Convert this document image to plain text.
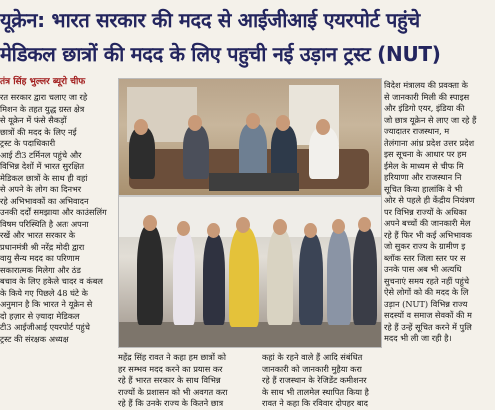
यूक्रेन: भारत सरकार की मदद से आईजीआई एयरपोर्ट पहुंचे
मेडिकल छात्रों की मदद के लिए पहुची नई उड़ान ट्रस्ट (NUT)
तंत्र सिंह भुल्लर ब्यूरो चीफ

रत सरकार द्वारा चलाए जा रहे

मिशन के तहत युद्ध ग्रस्त क्षेत्र

से यूक्रेन में फंसे सैकड़ों

छात्रों की मदद के लिए नई

ट्रस्ट के पदाधिकारी

आई टी3 टर्मिनल पहुंचे और

विभिन्न देशों में भारत सुरक्षित

मेडिकल छात्रों के साथ ही वहां

से अपने के लोग का दिनभर

रहे अभिभावकों का अभिवादन

उनकी दर्दों समझाया और काउंसलिंग

विषम परिस्थिति है अतः अपना

रखें और भारत सरकार के

प्रधानमंत्री श्री नरेंद्र मोदी द्वारा

वायु सैन्य मदद का परिणाम

सकारात्मक मिलेगा और ठंड

बचाव के लिए हकेले चादर व कंबल

के किये गए पिछले 48 घंटे के

अनुमान है कि भारत ने यूक्रेन से

दो हज़ार से ज़्यादा मेडिकल

टी3 आईजीआई एयरपोर्ट पहुंचे

ट्रस्ट की संरक्षक अध्यक्ष

विदेश मंत्रालय की प्रवक्ता के

से जानकारी मिली की स्पाइस

और इंडिगो एयर, इंडिया की

जो छात्र यूक्रेन से लाए जा रहे हैं

ज्यादातर राजस्थान, म

तेलंगाना आंध्र प्रदेश उत्तर प्रदेश

इस सूचना के आधार पर हम

ईमेल के माध्यम से चीफ मि

हरियाणा और राजस्थान नि

सूचित किया हालांकि वे भी

ओर से पहले ही केंद्रीय नियंत्रण

पर विभिन्न राज्यों के अधिका

अपने बच्चों की जानकारी मेल

रहे हैं फिर भी कई अभिभावक

जो सुकर राज्य के ग्रामीण इ

ब्लॉक स्तर जिला स्तर पर स

उनके पास अब भी अत्यधि

सुचनाएं समय रहते नहीं पहुंचे

ऐसे लोगों को की मदद के लि

उड़ान (NUT) विभिन्न राज्य

सदस्यों व समाज सेवकों की म

रहे हैं उन्हें सूचित करने में पुलि

मदद भी ली जा रही है।

महेंद्र सिंह रावत ने कहा हम छात्रों को

हर सम्भव मदद करने का प्रयास कर

रहे हैं भारत सरकार के साथ विभिन्न

राज्यों के प्रशासन को भी अवगत करा

रहे हैं कि उनके राज्य के कितने छात्र

कहां के रहने वाले हैं आदि संबंधित

जानकारी को जानकारी मुहैया करा

रहे हैं राजस्थान के रेजिडेंट कमीशनर

के साथ भी तालमेल स्थापित किया है

रावत ने कहा कि रविवार दोपहर बाद
